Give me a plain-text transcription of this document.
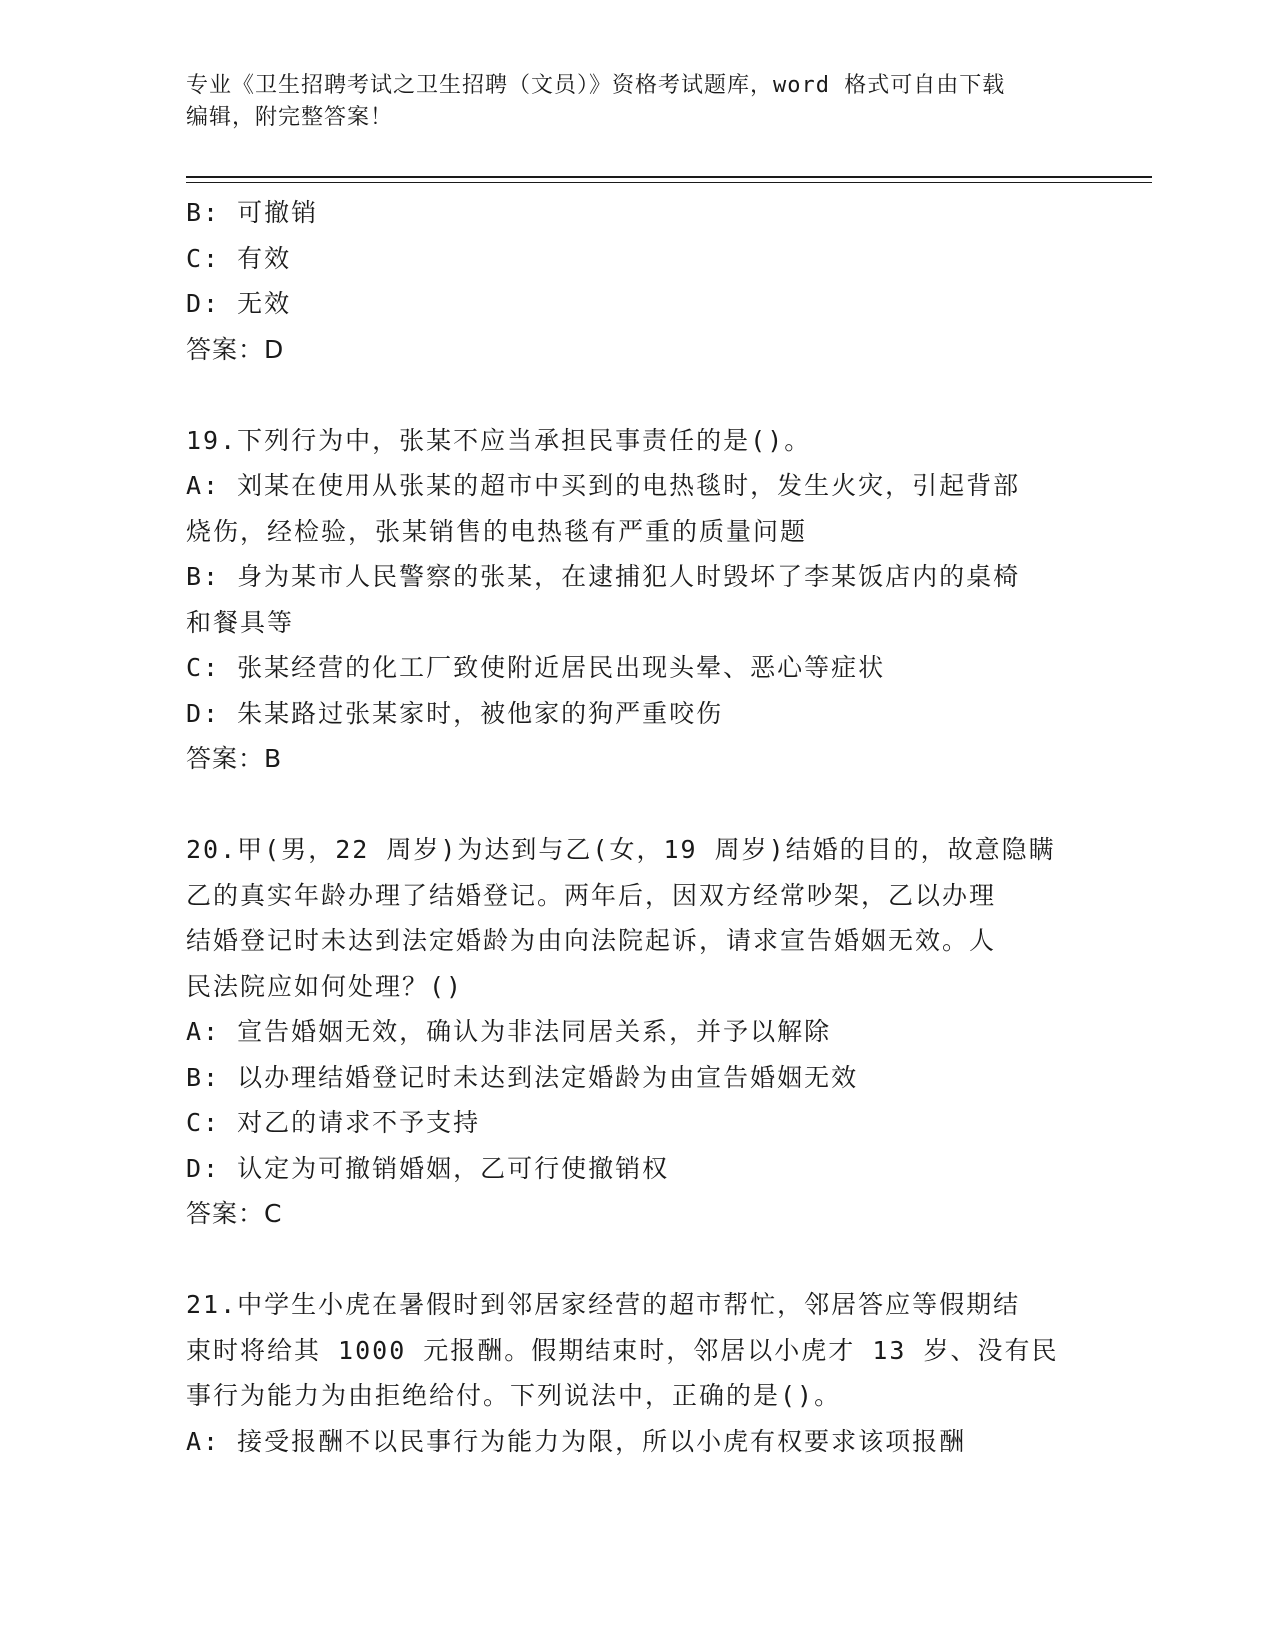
专业《卫生招聘考试之卫生招聘（文员）》资格考试题库，word 格式可自由下载
编辑，附完整答案！
B: 可撤销
C: 有效
D: 无效
答案：D
19.下列行为中，张某不应当承担民事责任的是()。
A: 刘某在使用从张某的超市中买到的电热毯时，发生火灾，引起背部
烧伤，经检验，张某销售的电热毯有严重的质量问题
B: 身为某市人民警察的张某，在逮捕犯人时毁坏了李某饭店内的桌椅
和餐具等
C: 张某经营的化工厂致使附近居民出现头晕、恶心等症状
D: 朱某路过张某家时，被他家的狗严重咬伤
答案：B
20.甲(男，22 周岁)为达到与乙(女，19 周岁)结婚的目的，故意隐瞒
乙的真实年龄办理了结婚登记。两年后，因双方经常吵架，乙以办理
结婚登记时未达到法定婚龄为由向法院起诉，请求宣告婚姻无效。人
民法院应如何处理？()
A: 宣告婚姻无效，确认为非法同居关系，并予以解除
B: 以办理结婚登记时未达到法定婚龄为由宣告婚姻无效
C: 对乙的请求不予支持
D: 认定为可撤销婚姻，乙可行使撤销权
答案：C
21.中学生小虎在暑假时到邻居家经营的超市帮忙，邻居答应等假期结
束时将给其 1000 元报酬。假期结束时，邻居以小虎才 13 岁、没有民
事行为能力为由拒绝给付。下列说法中，正确的是()。
A: 接受报酬不以民事行为能力为限，所以小虎有权要求该项报酬
